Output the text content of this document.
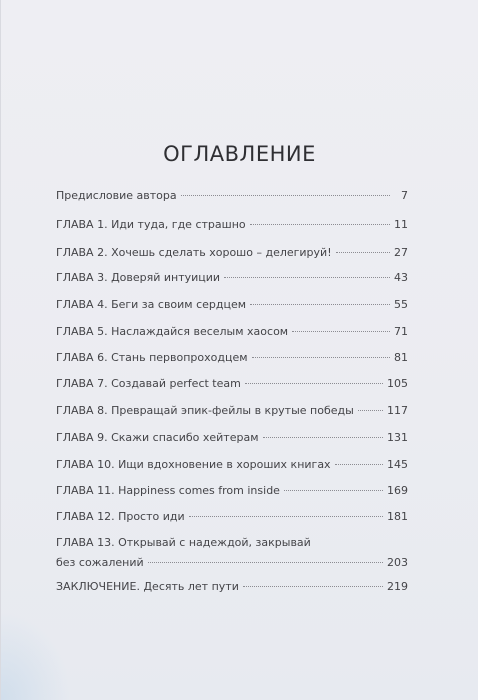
ОГЛАВЛЕНИЕ
Предисловие автора	7
ГЛАВА 1. Иди туда, где страшно	11
ГЛАВА 2. Хочешь сделать хорошо – делегируй!	27
ГЛАВА 3. Доверяй интуиции	43
ГЛАВА 4. Беги за своим сердцем	55
ГЛАВА 5. Наслаждайся веселым хаосом	71
ГЛАВА 6. Стань первопроходцем	81
ГЛАВА 7. Создавай perfect team	105
ГЛАВА 8. Превращай эпик-фейлы в крутые победы	117
ГЛАВА 9. Скажи спасибо хейтерам	131
ГЛАВА 10. Ищи вдохновение в хороших книгах	145
ГЛАВА 11. Happiness comes from inside	169
ГЛАВА 12. Просто иди	181
ГЛАВА 13. Открывай с надеждой, закрывай
без сожалений	203
ЗАКЛЮЧЕНИЕ. Десять лет пути	219
